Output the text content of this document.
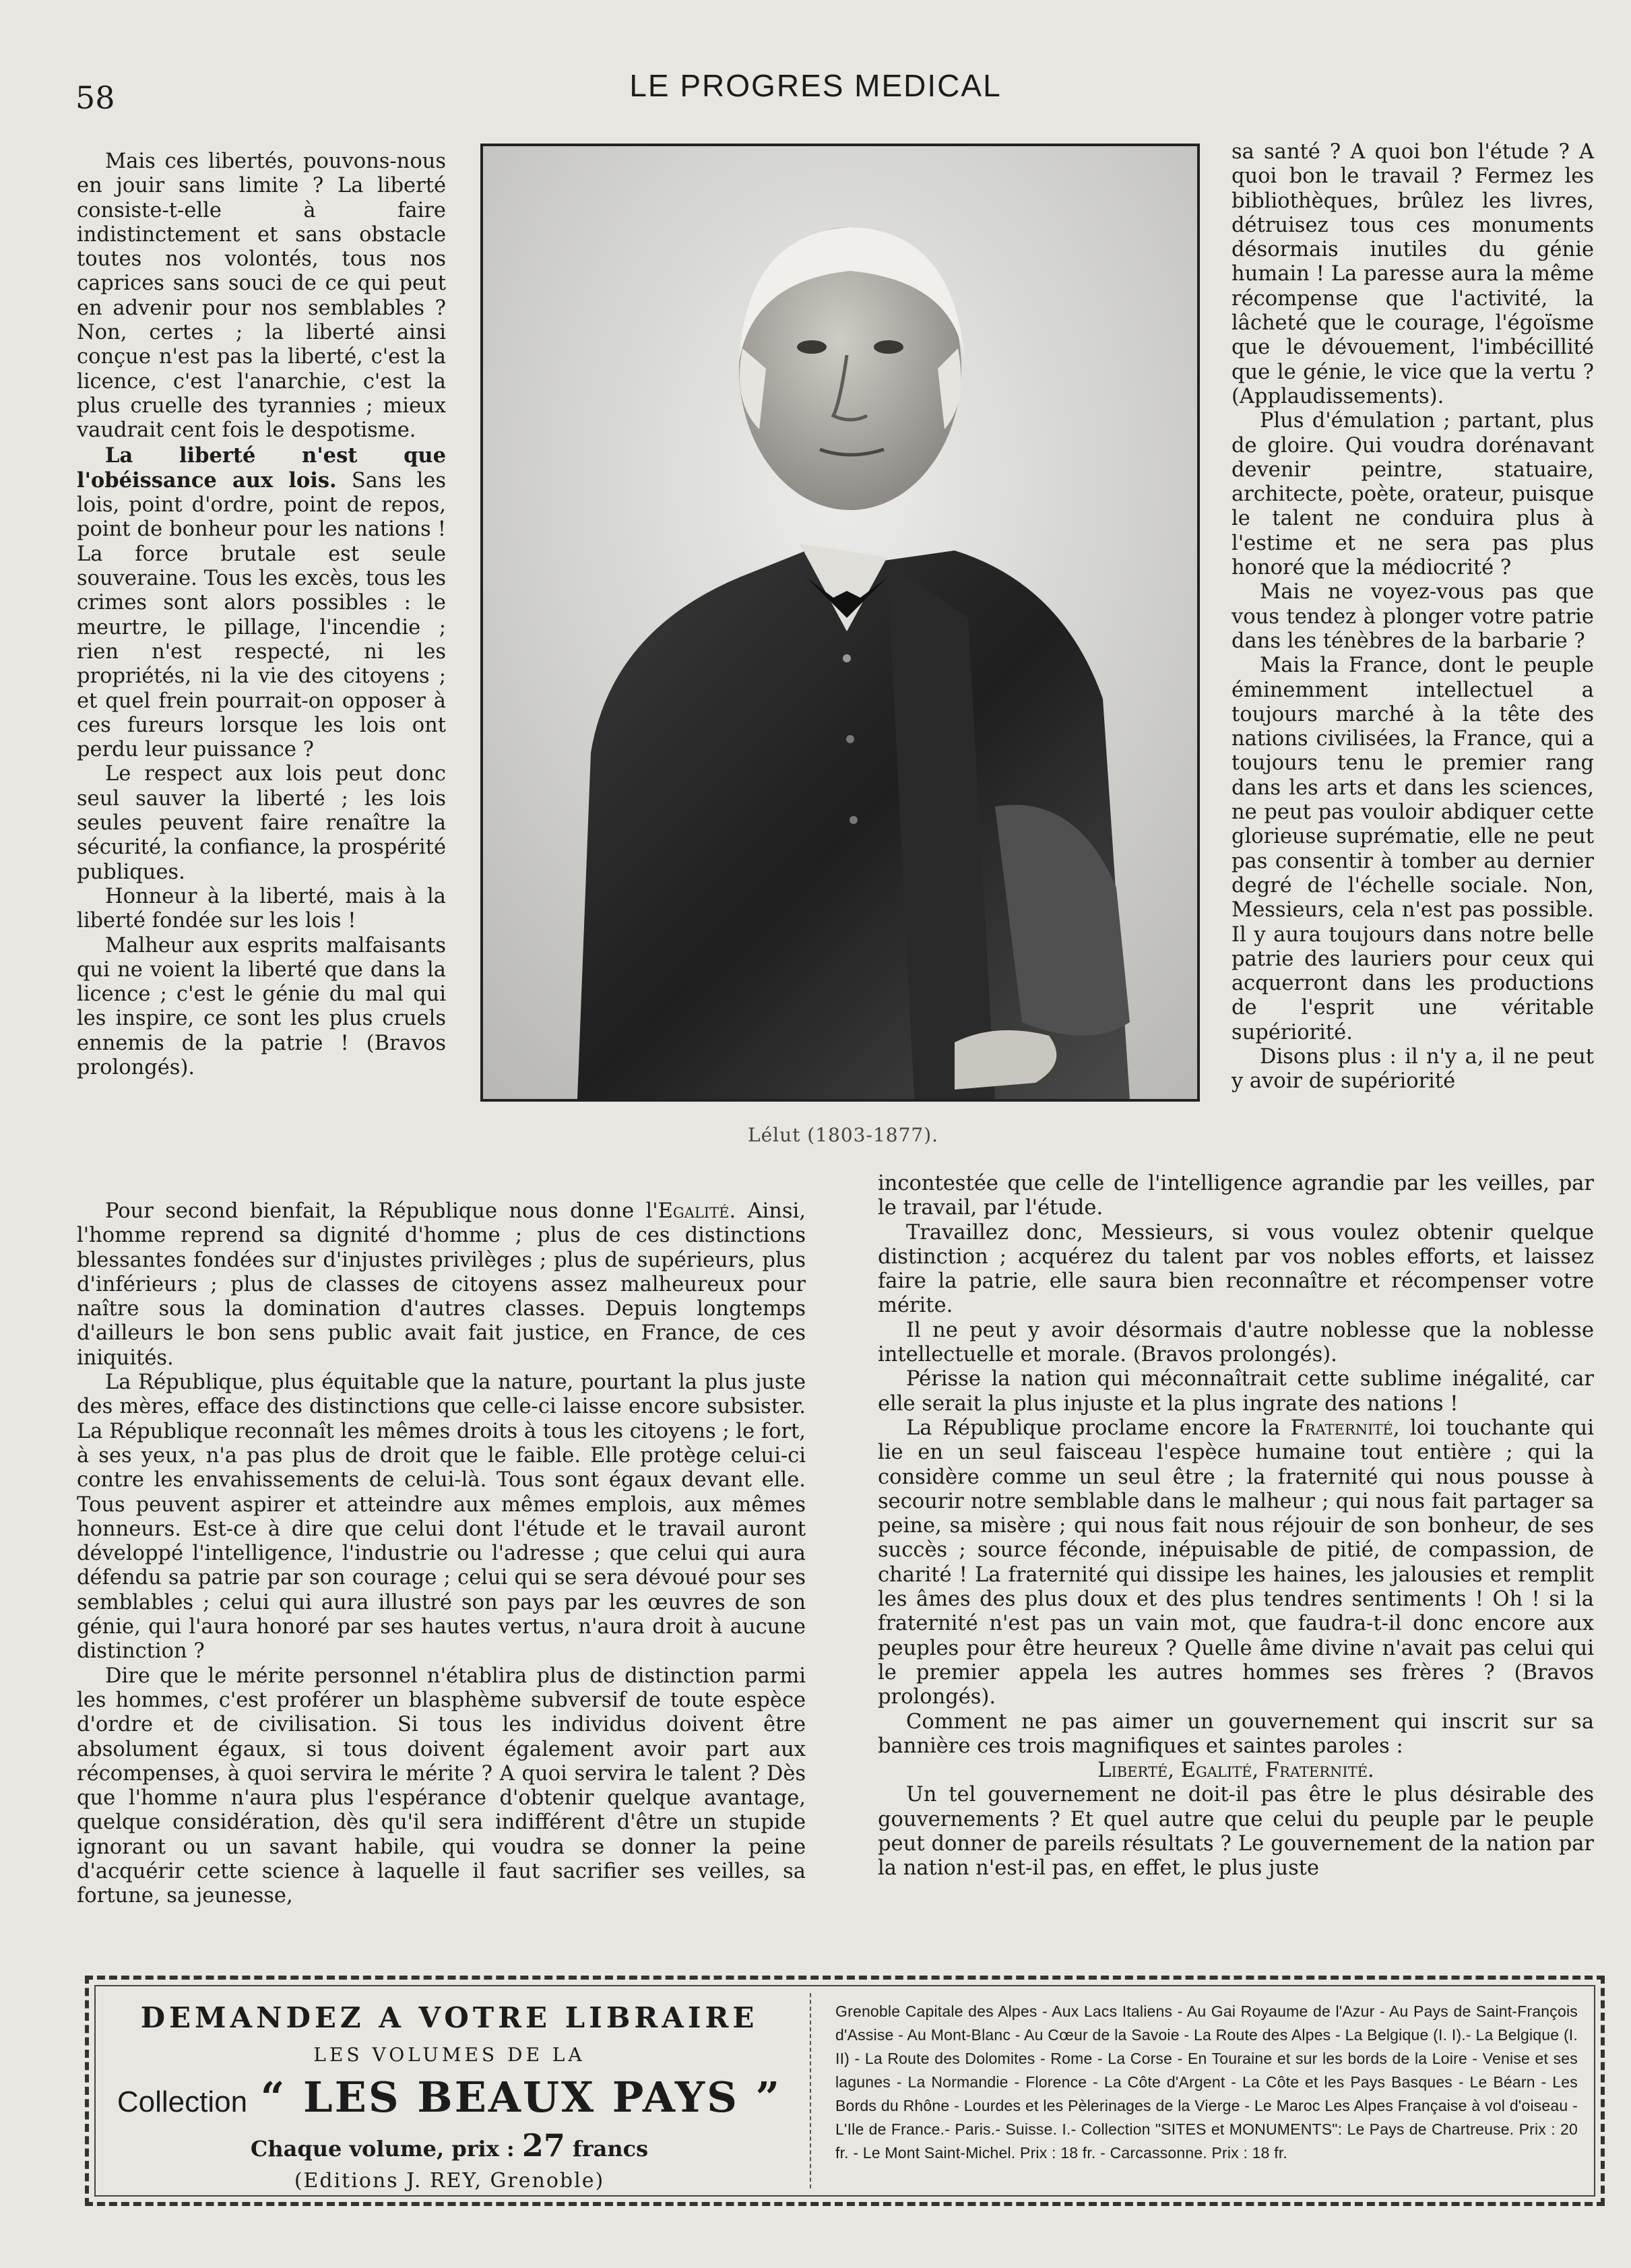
58	LE PROGRES MEDICAL

Mais ces libertés, pouvons-nous en jouir sans limite ? La liberté consiste-t-elle à faire indistinctement et sans obstacle toutes nos volontés, tous nos caprices sans souci de ce qui peut en advenir pour nos semblables ? Non, certes ; la liberté ainsi conçue n'est pas la liberté, c'est la licence, c'est l'anarchie, c'est la plus cruelle des tyrannies ; mieux vaudrait cent fois le despotisme.

La liberté n'est que l'obéissance aux lois. Sans les lois, point d'ordre, point de repos, point de bonheur pour les nations ! La force brutale est seule souveraine. Tous les excès, tous les crimes sont alors possibles : le meurtre, le pillage, l'incendie ; rien n'est respecté, ni les propriétés, ni la vie des citoyens ; et quel frein pourrait-on opposer à ces fureurs lorsque les lois ont perdu leur puissance ?

Le respect aux lois peut donc seul sauver la liberté ; les lois seules peuvent faire renaître la sécurité, la confiance, la prospérité publiques.

Honneur à la liberté, mais à la liberté fondée sur les lois !

Malheur aux esprits malfaisants qui ne voient la liberté que dans la licence ; c'est le génie du mal qui les inspire, ce sont les plus cruels ennemis de la patrie ! (Bravos prolongés).

Lélut (1803-1877).

sa santé ? A quoi bon l'étude ? A quoi bon le travail ? Fermez les bibliothèques, brûlez les livres, détruisez tous ces monuments désormais inutiles du génie humain ! La paresse aura la même récompense que l'activité, la lâcheté que le courage, l'égoïsme que le dévouement, l'imbécillité que le génie, le vice que la vertu ? (Applaudissements).

Plus d'émulation ; partant, plus de gloire. Qui voudra dorénavant devenir peintre, statuaire, architecte, poète, orateur, puisque le talent ne conduira plus à l'estime et ne sera pas plus honoré que la médiocrité ?

Mais ne voyez-vous pas que vous tendez à plonger votre patrie dans les ténèbres de la barbarie ?

Mais la France, dont le peuple éminemment intellectuel a toujours marché à la tête des nations civilisées, la France, qui a toujours tenu le premier rang dans les arts et dans les sciences, ne peut pas vouloir abdiquer cette glorieuse suprématie, elle ne peut pas consentir à tomber au dernier degré de l'échelle sociale. Non, Messieurs, cela n'est pas possible. Il y aura toujours dans notre belle patrie des lauriers pour ceux qui acquerront dans les productions de l'esprit une véritable supériorité.

Disons plus : il n'y a, il ne peut y avoir de supériorité

Pour second bienfait, la République nous donne l'Egalité. Ainsi, l'homme reprend sa dignité d'homme ; plus de ces distinctions blessantes fondées sur d'injustes privilèges ; plus de supérieurs, plus d'inférieurs ; plus de classes de citoyens assez malheureux pour naître sous la domination d'autres classes. Depuis longtemps d'ailleurs le bon sens public avait fait justice, en France, de ces iniquités.

La République, plus équitable que la nature, pourtant la plus juste des mères, efface des distinctions que celle-ci laisse encore subsister. La République reconnaît les mêmes droits à tous les citoyens ; le fort, à ses yeux, n'a pas plus de droit que le faible. Elle protège celui-ci contre les envahissements de celui-là. Tous sont égaux devant elle. Tous peuvent aspirer et atteindre aux mêmes emplois, aux mêmes honneurs. Est-ce à dire que celui dont l'étude et le travail auront développé l'intelligence, l'industrie ou l'adresse ; que celui qui aura défendu sa patrie par son courage ; celui qui se sera dévoué pour ses semblables ; celui qui aura illustré son pays par les œuvres de son génie, qui l'aura honoré par ses hautes vertus, n'aura droit à aucune distinction ?

Dire que le mérite personnel n'établira plus de distinction parmi les hommes, c'est proférer un blasphème subversif de toute espèce d'ordre et de civilisation. Si tous les individus doivent être absolument égaux, si tous doivent également avoir part aux récompenses, à quoi servira le mérite ? A quoi servira le talent ? Dès que l'homme n'aura plus l'espérance d'obtenir quelque avantage, quelque considération, dès qu'il sera indifférent d'être un stupide ignorant ou un savant habile, qui voudra se donner la peine d'acquérir cette science à laquelle il faut sacrifier ses veilles, sa fortune, sa jeunesse,

incontestée que celle de l'intelligence agrandie par les veilles, par le travail, par l'étude.

Travaillez donc, Messieurs, si vous voulez obtenir quelque distinction ; acquérez du talent par vos nobles efforts, et laissez faire la patrie, elle saura bien reconnaître et récompenser votre mérite.

Il ne peut y avoir désormais d'autre noblesse que la noblesse intellectuelle et morale. (Bravos prolongés).

Périsse la nation qui méconnaîtrait cette sublime inégalité, car elle serait la plus injuste et la plus ingrate des nations !

La République proclame encore la Fraternité, loi touchante qui lie en un seul faisceau l'espèce humaine tout entière ; qui la considère comme un seul être ; la fraternité qui nous pousse à secourir notre semblable dans le malheur ; qui nous fait partager sa peine, sa misère ; qui nous fait nous réjouir de son bonheur, de ses succès ; source féconde, inépuisable de pitié, de compassion, de charité ! La fraternité qui dissipe les haines, les jalousies et remplit les âmes des plus doux et des plus tendres sentiments ! Oh ! si la fraternité n'est pas un vain mot, que faudra-t-il donc encore aux peuples pour être heureux ? Quelle âme divine n'avait pas celui qui le premier appela les autres hommes ses frères ? (Bravos prolongés).

Comment ne pas aimer un gouvernement qui inscrit sur sa bannière ces trois magnifiques et saintes paroles :

Liberté, Egalité, Fraternité.

Un tel gouvernement ne doit-il pas être le plus désirable des gouvernements ? Et quel autre que celui du peuple par le peuple peut donner de pareils résultats ? Le gouvernement de la nation par la nation n'est-il pas, en effet, le plus juste

DEMANDEZ A VOTRE LIBRAIRE
LES VOLUMES DE LA
Collection “ LES BEAUX PAYS ”
Chaque volume, prix : 27 francs
(Editions J. REY, Grenoble)
Grenoble Capitale des Alpes - Aux Lacs Italiens - Au Gai Royaume de l'Azur - Au Pays de Saint-François d'Assise - Au Mont-Blanc - Au Cœur de la Savoie - La Route des Alpes - La Belgique (I. I).- La Belgique (I. II) - La Route des Dolomites - Rome - La Corse - En Touraine et sur les bords de la Loire - Venise et ses lagunes - La Normandie - Florence - La Côte d'Argent - La Côte et les Pays Basques - Le Béarn - Les Bords du Rhône - Lourdes et les Pèlerinages de la Vierge - Le Maroc Les Alpes Française à vol d'oiseau - L'Ile de France.- Paris.- Suisse. I.- Collection "SITES et MONUMENTS": Le Pays de Chartreuse. Prix : 20 fr. - Le Mont Saint-Michel. Prix : 18 fr. - Carcassonne. Prix : 18 fr.
